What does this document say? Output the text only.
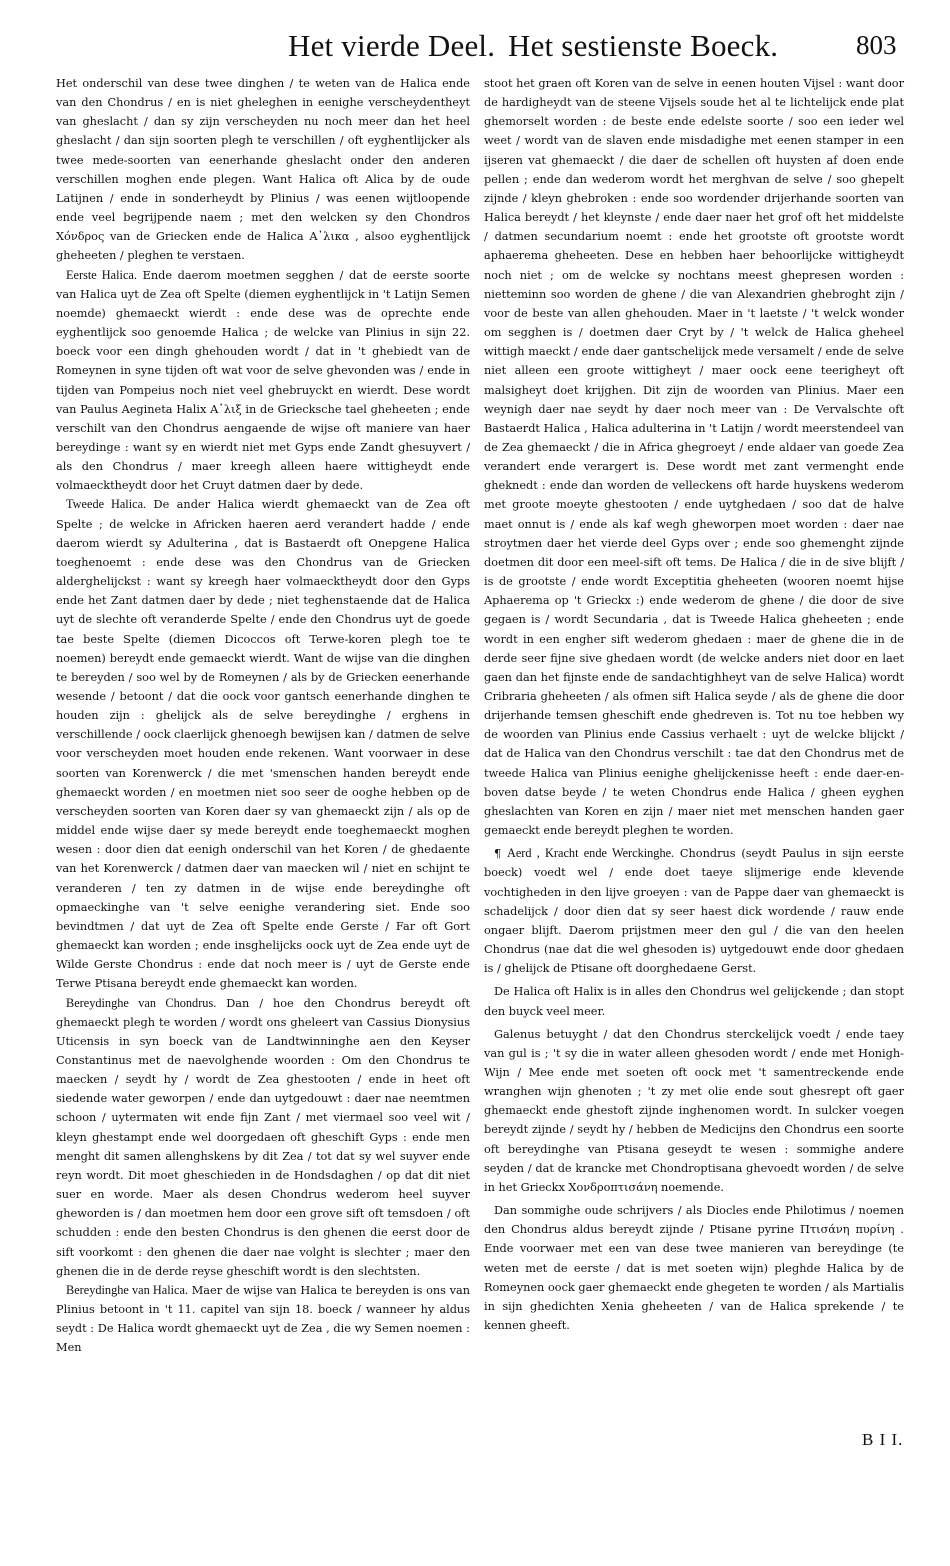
Het vierde Deel. Het sestienste Boeck.	803

Het onderschil van dese twee dinghen / te weten van de Halica ende van den Chondrus / en is niet gheleghen in eenighe verscheydentheyt van gheslacht / dan sy zijn verscheyden nu noch meer dan het heel gheslacht / dan sijn soorten plegh te verschillen / oft eyghentlijcker als twee mede-soorten van eenerhande gheslacht onder den anderen verschillen moghen ende plegen. Want Halica oft Alica by de oude Latijnen / ende in sonderheydt by Plinius / was eenen wijtloopende ende veel begrijpende naem ; met den welcken sy den Chondros Χόνδρος van de Griecken ende de Halica Α᾽λικα , alsoo eyghentlijck gheheeten / pleghen te verstaen.

Eerste Halica. Ende daerom moetmen segghen / dat de eerste soorte van Halica uyt de Zea oft Spelte (diemen eyghentlijck in 't Latijn Semen noemde) ghemaeckt wierdt : ende dese was de oprechte ende eyghentlijck soo genoemde Halica ; de welcke van Plinius in sijn 22. boeck voor een dingh ghehouden wordt / dat in 't ghebiedt van de Romeynen in syne tijden oft wat voor de selve ghevonden was / ende in tijden van Pompeius noch niet veel ghebruyckt en wierdt. Dese wordt van Paulus Aegineta Halix Α᾽λιξ in de Griecksche tael gheheeten ; ende verschilt van den Chondrus aengaende de wijse oft maniere van haer bereydinge : want sy en wierdt niet met Gyps ende Zandt ghesuyvert / als den Chondrus / maer kreegh alleen haere wittigheydt ende volmaecktheydt door het Cruyt datmen daer by dede.

Tweede Halica. De ander Halica wierdt ghemaeckt van de Zea oft Spelte ; de welcke in Africken haeren aerd verandert hadde / ende daerom wierdt sy Adulterina , dat is Bastaerdt oft Onepgene Halica toeghenoemt : ende dese was den Chondrus van de Griecken alderghelijckst : want sy kreegh haer volmaecktheydt door den Gyps ende het Zant datmen daer by dede ; niet teghenstaende dat de Halica uyt de slechte oft veranderde Spelte / ende den Chondrus uyt de goede tae beste Spelte (diemen Dicoccos oft Terwe-koren plegh toe te noemen) bereydt ende gemaeckt wierdt. Want de wijse van die dinghen te bereyden / soo wel by de Romeynen / als by de Griecken eenerhande wesende / betoont / dat die oock voor gantsch eenerhande dinghen te houden zijn : ghelijck als de selve bereydinghe / erghens in verschillende / oock claerlijck ghenoegh bewijsen kan / datmen de selve voor verscheyden moet houden ende rekenen. Want voorwaer in dese soorten van Korenwerck / die met 'smenschen handen bereydt ende ghemaeckt worden / en moetmen niet soo seer de ooghe hebben op de verscheyden soorten van Koren daer sy van ghemaeckt zijn / als op de middel ende wijse daer sy mede bereydt ende toeghemaeckt moghen wesen : door dien dat eenigh onderschil van het Koren / de ghedaente van het Korenwerck / datmen daer van maecken wil / niet en schijnt te veranderen / ten zy datmen in de wijse ende bereydinghe oft opmaeckinghe van 't selve eenighe verandering siet. Ende soo bevindtmen / dat uyt de Zea oft Spelte ende Gerste / Far oft Gort ghemaeckt kan worden ; ende insghelijcks oock uyt de Zea ende uyt de Wilde Gerste Chondrus : ende dat noch meer is / uyt de Gerste ende Terwe Ptisana bereydt ende ghemaeckt kan worden.

Bereydinghe van Chondrus. Dan / hoe den Chondrus bereydt oft ghemaeckt plegh te worden / wordt ons gheleert van Cassius Dionysius Uticensis in syn boeck van de Landtwinninghe aen den Keyser Constantinus met de naevolghende woorden : Om den Chondrus te maecken / seydt hy / wordt de Zea ghestooten / ende in heet oft siedende water geworpen / ende dan uytgedouwt : daer nae neemtmen schoon / uytermaten wit ende fijn Zant / met viermael soo veel wit / kleyn ghestampt ende wel doorgedaen oft gheschift Gyps : ende men menght dit samen allenghskens by dit Zea / tot dat sy wel suyver ende reyn wordt. Dit moet gheschieden in de Hondsdaghen / op dat dit niet suer en worde. Maer als desen Chondrus wederom heel suyver gheworden is / dan moetmen hem door een grove sift oft temsdoen / oft schudden : ende den besten Chondrus is den ghenen die eerst door de sift voorkomt : den ghenen die daer nae volght is slechter ; maer den ghenen die in de derde reyse gheschift wordt is den slechtsten.

Bereydinghe van Halica. Maer de wijse van Halica te bereyden is ons van Plinius betoont in 't 11. capitel van sijn 18. boeck / wanneer hy aldus seydt : De Halica wordt ghemaeckt uyt de Zea , die wy Semen noemen : Men

stoot het graen oft Koren van de selve in eenen houten Vijsel : want door de hardigheydt van de steene Vijsels soude het al te lichtelijck ende plat ghemorselt worden : de beste ende edelste soorte / soo een ieder wel weet / wordt van de slaven ende misdadighe met eenen stamper in een ijseren vat ghemaeckt / die daer de schellen oft huysten af doen ende pellen ; ende dan wederom wordt het merghvan de selve / soo ghepelt zijnde / kleyn ghebroken : ende soo wordender drijerhande soorten van Halica bereydt / het kleynste / ende daer naer het grof oft het middelste / datmen secundarium noemt : ende het grootste oft grootste wordt aphaerema gheheeten. Dese en hebben haer behoorlijcke wittigheydt noch niet ; om de welcke sy nochtans meest ghepresen worden : nietteminn soo worden de ghene / die van Alexandrien ghebroght zijn / voor de beste van allen ghehouden. Maer in 't laetste / 't welck wonder om segghen is / doetmen daer Cryt by / 't welck de Halica gheheel wittigh maeckt / ende daer gantschelijck mede versamelt / ende de selve niet alleen een groote wittigheyt / maer oock eene teerigheyt oft malsigheyt doet krijghen. Dit zijn de woorden van Plinius. Maer een weynigh daer nae seydt hy daer noch meer van : De Vervalschte oft Bastaerdt Halica , Halica adulterina in 't Latijn / wordt meerstendeel van de Zea ghemaeckt / die in Africa ghegroeyt / ende aldaer van goede Zea verandert ende verargert is. Dese wordt met zant vermenght ende gheknedt : ende dan worden de velleckens oft harde huyskens wederom met groote moeyte ghestooten / ende uytghedaen / soo dat de halve maet onnut is / ende als kaf wegh gheworpen moet worden : daer nae stroytmen daer het vierde deel Gyps over ; ende soo ghemenght zijnde doetmen dit door een meel-sift oft tems. De Halica / die in de sive blijft / is de grootste / ende wordt Exceptitia gheheeten (wooren noemt hijse Aphaerema op 't Grieckx :) ende wederom de ghene / die door de sive gegaen is / wordt Secundaria , dat is Tweede Halica gheheeten ; ende wordt in een engher sift wederom ghedaen : maer de ghene die in de derde seer fijne sive ghedaen wordt (de welcke anders niet door en laet gaen dan het fijnste ende de sandachtighheyt van de selve Halica) wordt Cribraria gheheeten / als ofmen sift Halica seyde / als de ghene die door drijerhande temsen gheschift ende ghedreven is. Tot nu toe hebben wy de woorden van Plinius ende Cassius verhaelt : uyt de welcke blijckt / dat de Halica van den Chondrus verschilt : tae dat den Chondrus met de tweede Halica van Plinius eenighe ghelijckenisse heeft : ende daer-en-boven datse beyde / te weten Chondrus ende Halica / gheen eyghen gheslachten van Koren en zijn / maer niet met menschen handen gaer gemaeckt ende bereydt pleghen te worden.

¶ Aerd , Kracht ende Werckinghe. Chondrus (seydt Paulus in sijn eerste boeck) voedt wel / ende doet taeye slijmerige ende klevende vochtigheden in den lijve groeyen : van de Pappe daer van ghemaeckt is schadelijck / door dien dat sy seer haest dick wordende / rauw ende ongaer blijft. Daerom prijstmen meer den gul / die van den heelen Chondrus (nae dat die wel ghesoden is) uytgedouwt ende door ghedaen is / ghelijck de Ptisane oft doorghedaene Gerst.

De Halica oft Halix is in alles den Chondrus wel gelijckende ; dan stopt den buyck veel meer.

Galenus betuyght / dat den Chondrus sterckelijck voedt / ende taey van gul is ; 't sy die in water alleen ghesoden wordt / ende met Honigh-Wijn / Mee ende met soeten oft oock met 't samentreckende ende wranghen wijn ghenoten ; 't zy met olie ende sout ghesrept oft gaer ghemaeckt ende ghestoft zijnde inghenomen wordt. In sulcker voegen bereydt zijnde / seydt hy / hebben de Medicijns den Chondrus een soorte oft bereydinghe van Ptisana geseydt te wesen : sommighe andere seyden / dat de krancke met Chondroptisana ghevoedt worden / de selve in het Grieckx Χονδροπτισάνη noemende.

Dan sommighe oude schrijvers / als Diocles ende Philotimus / noemen den Chondrus aldus bereydt zijnde / Ptisane pyrine Πτισάνη πυρίνη . Ende voorwaer met een van dese twee manieren van bereydinge (te weten met de eerste / dat is met soeten wijn) pleghde Halica by de Romeynen oock gaer ghemaeckt ende ghegeten te worden / als Martialis in sijn ghedichten Xenia gheheeten / van de Halica sprekende / te kennen gheeft.

B I I.
